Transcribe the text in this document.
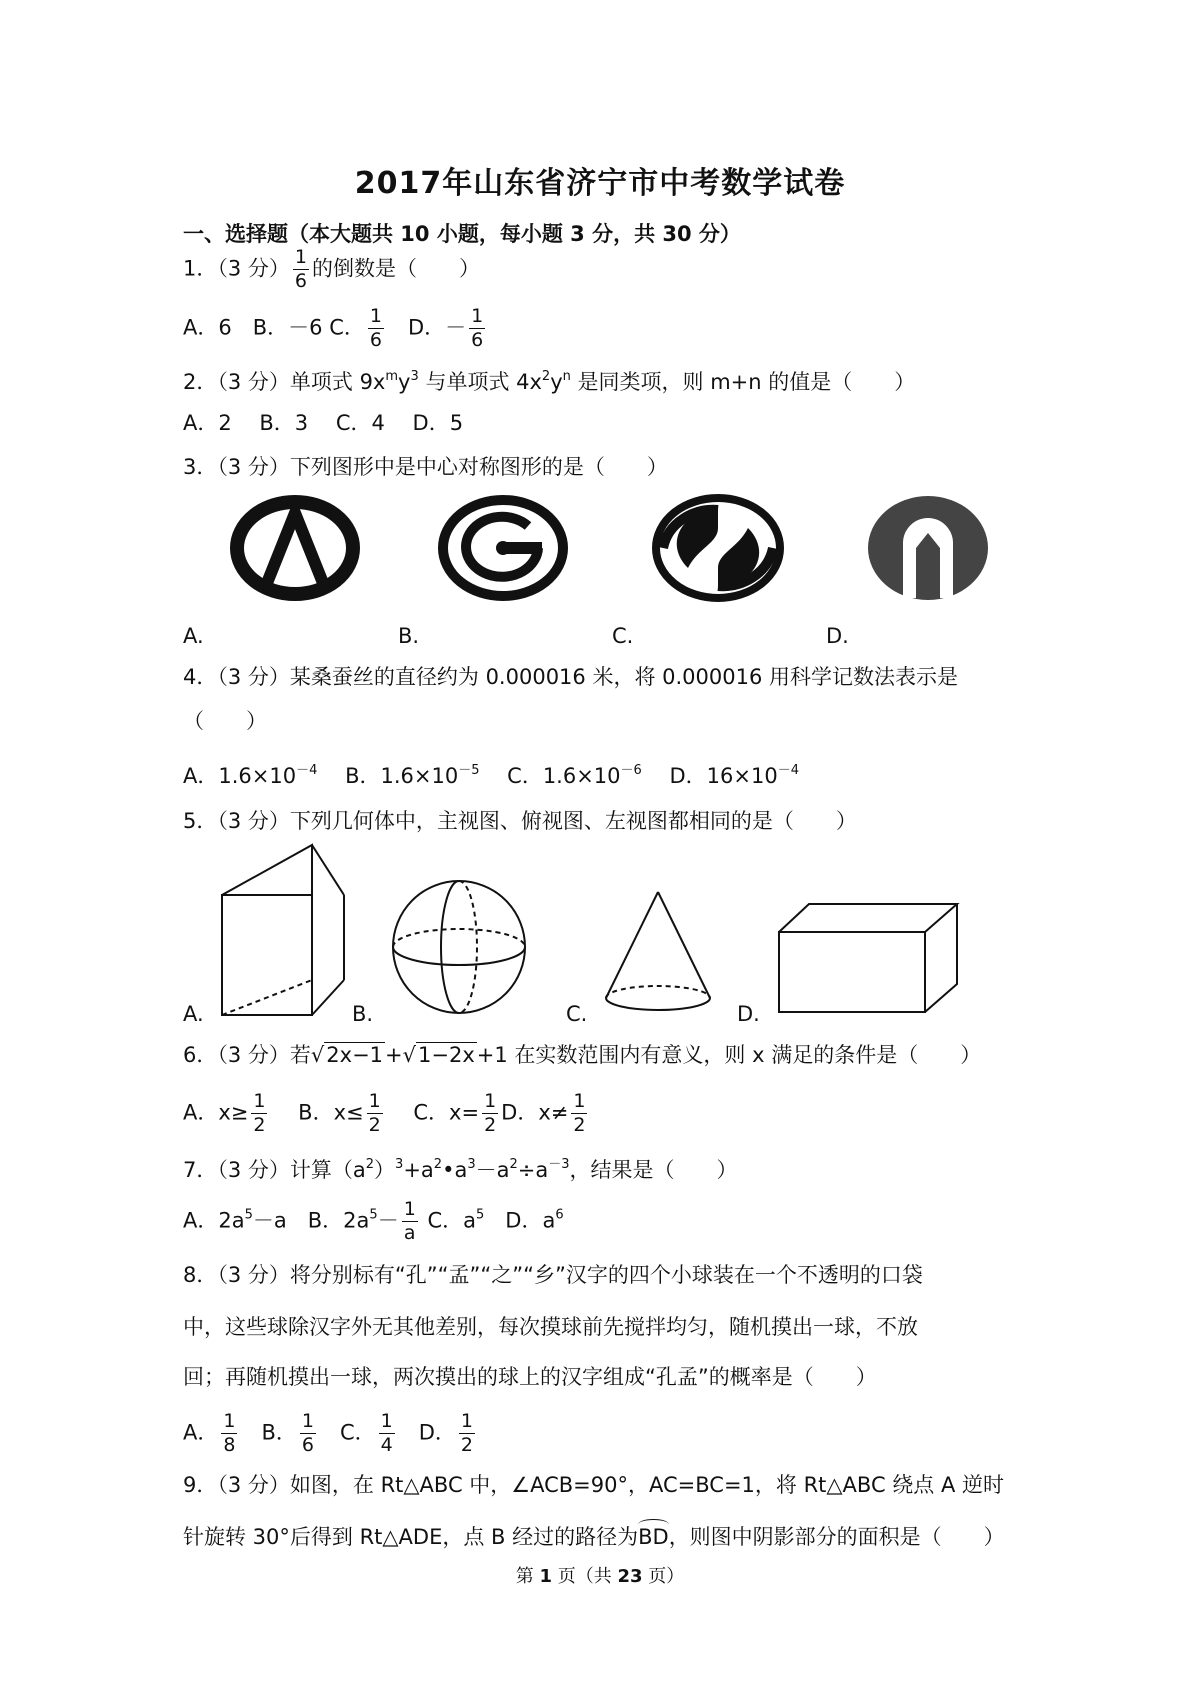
2017年山东省济宁市中考数学试卷
一、选择题（本大题共 10 小题，每小题 3 分，共 30 分）
1．（3 分） $\frac{1}{6}$ 的倒数是（　　）
A．6　 B．－6 C． $\frac{1}{6}$
　 D．－ $\frac{1}{6}$
2．（3 分）单项式 $9x^my^3$ 与单项式 $4x^2y^n$ 是同类项，则 m+n 的值是（　　）
A．2　 B．3　 C．4　 D．5
3．（3 分）下列图形中是中心对称图形的是（　　）
A.	B.	C.	D.
4．（3 分）某桑蚕丝的直径约为 0.000016 米，将 0.000016 用科学记数法表示是
（　　）
A．$1.6\times 10^{-4}$　 B．$1.6\times 10^{-5}$　 C．$1.6\times 10^{-6}$　 D．$16\times 10^{-4}$
5．（3 分）下列几何体中，主视图、俯视图、左视图都相同的是（　　）
A.	B.	C.	D.
6．（3 分）若√2x−1+√1−2x+1 在实数范围内有意义，则 x 满足的条件是（　　）
A．$x\ge \frac{1}{2}$
　 B．$x\le \frac{1}{2}$
　 C．$x= \frac{1}{2}$ D．$x\ne \frac{1}{2}$
7．（3 分）计算$(a^2)^3+a^2•a^3-a^2\div a^{-3}$，结果是（　　）
A．$2a^5-a$　 B．$2a^5- \frac{1}{a}$ C．$a^5$　 D．$a^6$
8．（3 分）将分别标有“孔”“孟”“之”“乡”汉字的四个小球装在一个不透明的口袋
中，这些球除汉字外无其他差别，每次摸球前先搅拌均匀，随机摸出一球，不放
回；再随机摸出一球，两次摸出的球上的汉字组成“孔孟”的概率是（　　）
A． $\frac{1}{8}$
　 B． $\frac{1}{6}$
　 C． $\frac{1}{4}$
　 D． $\frac{1}{2}$
9．（3 分）如图，在 Rt△ABC 中，∠ACB=90°，AC=BC=1，将 Rt△ABC 绕点 A 逆时
针旋转 30°后得到 Rt△ADE，点 B 经过的路径为BD，则图中阴影部分的面积是（　　）
第 1 页（共 23 页）
